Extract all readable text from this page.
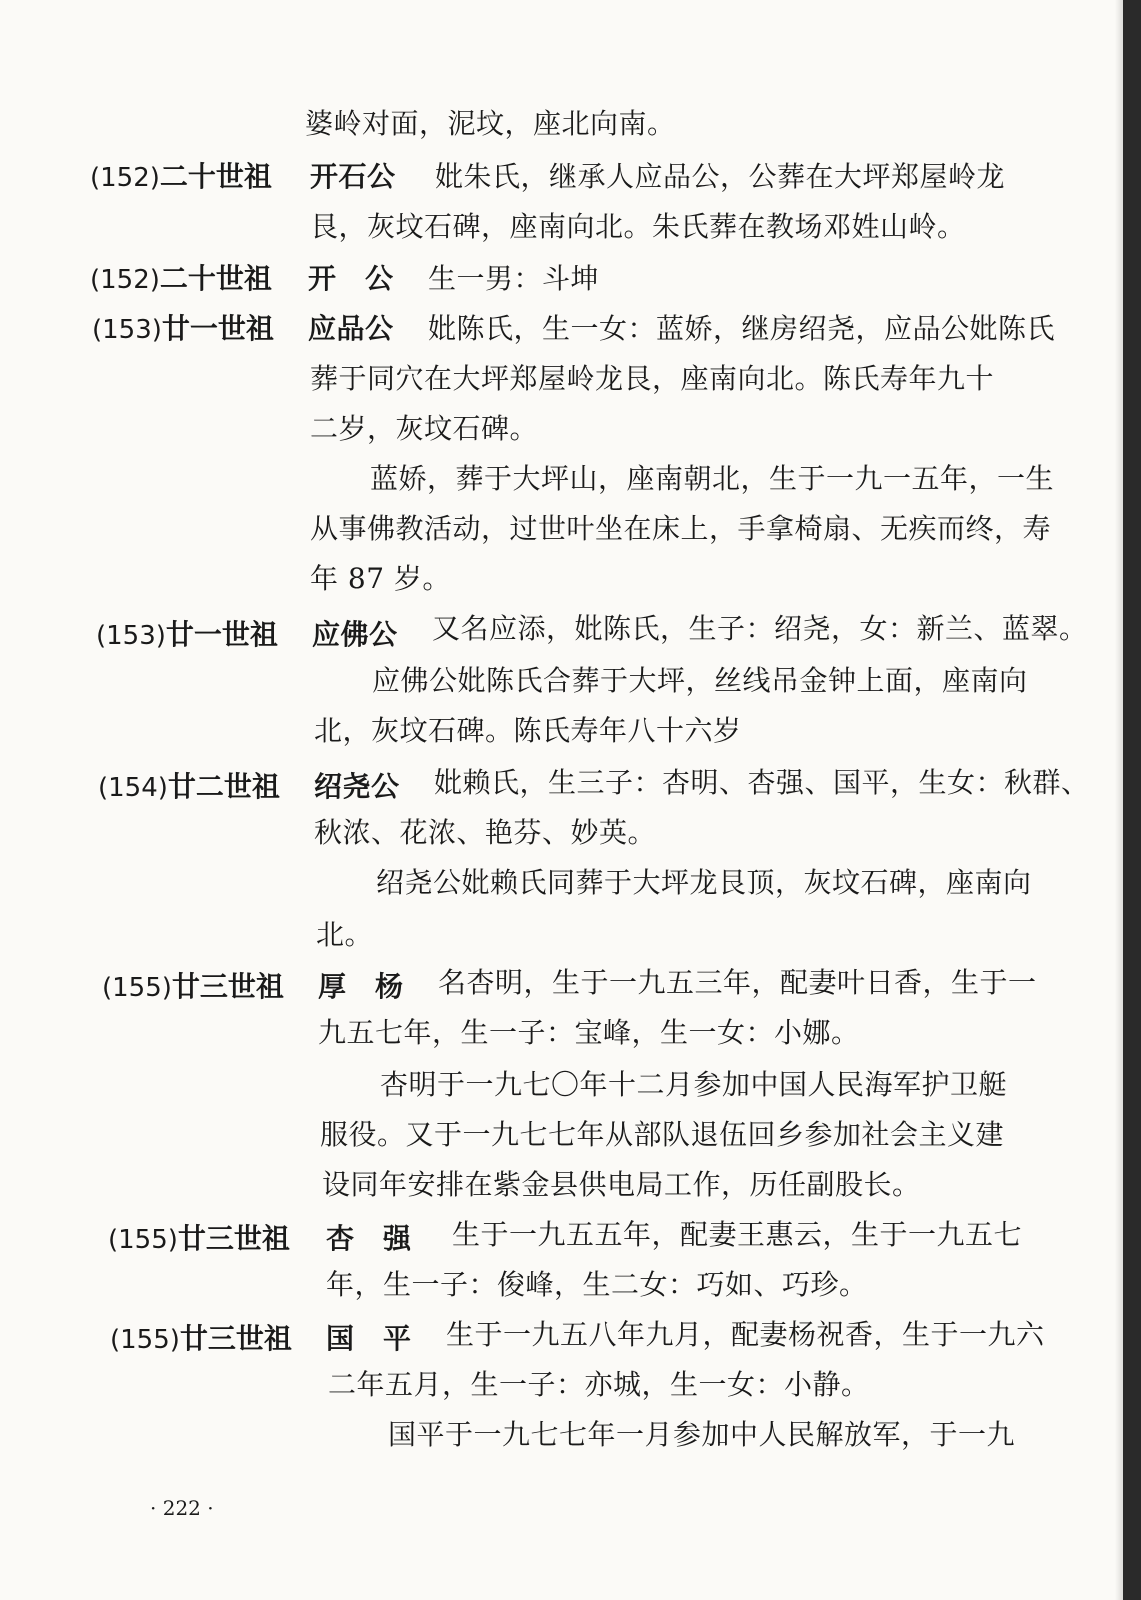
婆岭对面，泥坟，座北向南。
(152)二十世祖 开石公 妣朱氏，继承人应品公，公葬在大坪郑屋岭龙
艮，灰坟石碑，座南向北。朱氏葬在教场邓姓山岭。
(152)二十世祖 开　公 生一男：斗坤
(153)廿一世祖 应品公 妣陈氏，生一女：蓝娇，继房绍尧，应品公妣陈氏
葬于同穴在大坪郑屋岭龙艮，座南向北。陈氏寿年九十
二岁，灰坟石碑。
蓝娇，葬于大坪山，座南朝北，生于一九一五年，一生
从事佛教活动，过世叶坐在床上，手拿椅扇、无疾而终，寿
年 87 岁。
(153)廿一世祖 应佛公 又名应添，妣陈氏，生子：绍尧，女：新兰、蓝翠。
应佛公妣陈氏合葬于大坪，丝线吊金钟上面，座南向
北，灰坟石碑。陈氏寿年八十六岁
(154)廿二世祖 绍尧公 妣赖氏，生三子：杏明、杏强、国平，生女：秋群、
秋浓、花浓、艳芬、妙英。
绍尧公妣赖氏同葬于大坪龙艮顶，灰坟石碑，座南向
北。
(155)廿三世祖 厚　杨 名杏明，生于一九五三年，配妻叶日香，生于一
九五七年，生一子：宝峰，生一女：小娜。
杏明于一九七〇年十二月参加中国人民海军护卫艇
服役。又于一九七七年从部队退伍回乡参加社会主义建
设同年安排在紫金县供电局工作，历任副股长。
(155)廿三世祖 杏　强 生于一九五五年，配妻王惠云，生于一九五七
年，生一子：俊峰，生二女：巧如、巧珍。
(155)廿三世祖 国　平 生于一九五八年九月，配妻杨祝香，生于一九六
二年五月，生一子：亦城，生一女：小静。
国平于一九七七年一月参加中人民解放军，于一九
· 222 ·
